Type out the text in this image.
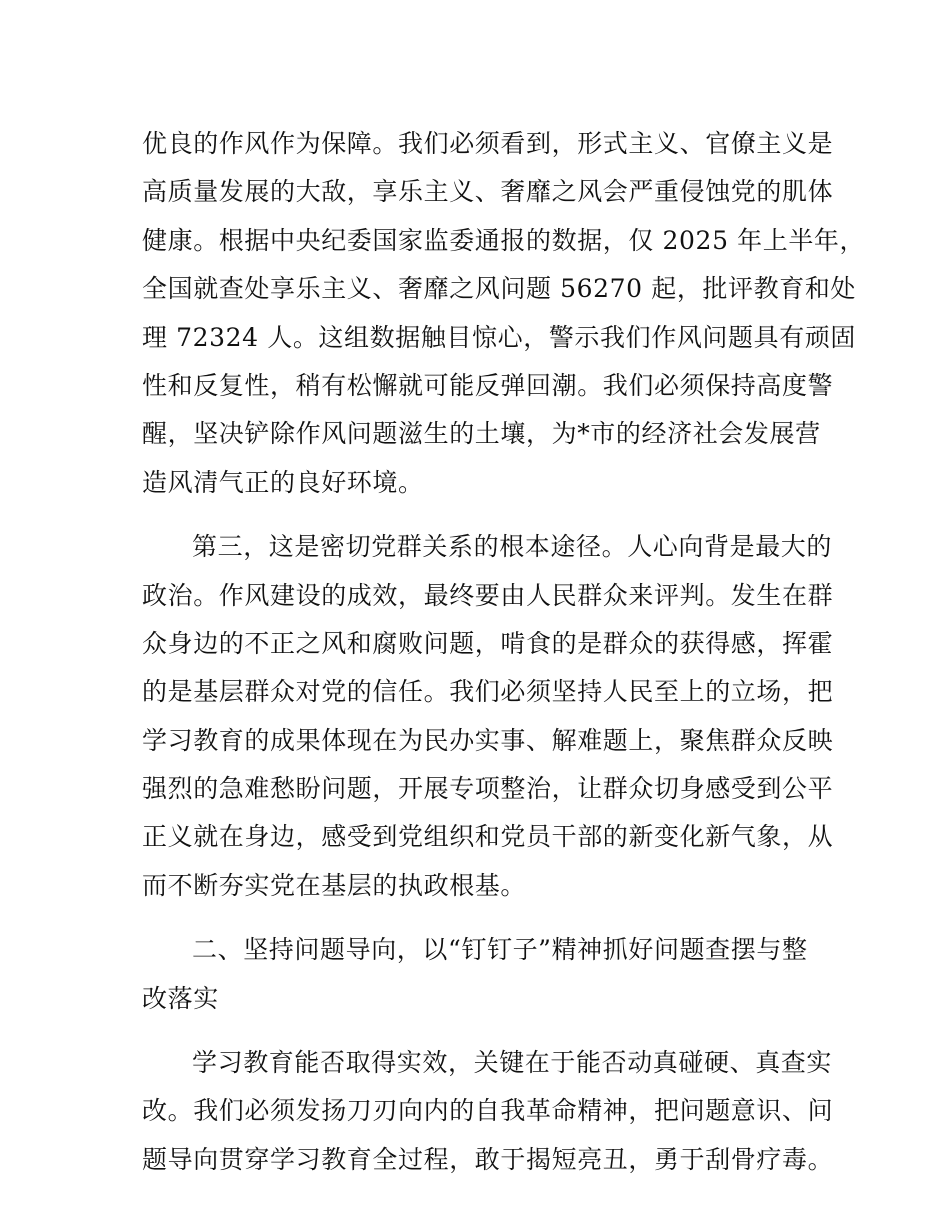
优良的作风作为保障。我们必须看到，形式主义、官僚主义是
高质量发展的大敌，享乐主义、奢靡之风会严重侵蚀党的肌体
健康。根据中央纪委国家监委通报的数据，仅 2025 年上半年，
全国就查处享乐主义、奢靡之风问题 56270 起，批评教育和处
理 72324 人。这组数据触目惊心，警示我们作风问题具有顽固
性和反复性，稍有松懈就可能反弹回潮。我们必须保持高度警
醒，坚决铲除作风问题滋生的土壤，为*市的经济社会发展营
造风清气正的良好环境。
第三，这是密切党群关系的根本途径。人心向背是最大的
政治。作风建设的成效，最终要由人民群众来评判。发生在群
众身边的不正之风和腐败问题，啃食的是群众的获得感，挥霍
的是基层群众对党的信任。我们必须坚持人民至上的立场，把
学习教育的成果体现在为民办实事、解难题上，聚焦群众反映
强烈的急难愁盼问题，开展专项整治，让群众切身感受到公平
正义就在身边，感受到党组织和党员干部的新变化新气象，从
而不断夯实党在基层的执政根基。
二、坚持问题导向，以“钉钉子”精神抓好问题查摆与整
改落实
学习教育能否取得实效，关键在于能否动真碰硬、真查实
改。我们必须发扬刀刃向内的自我革命精神，把问题意识、问
题导向贯穿学习教育全过程，敢于揭短亮丑，勇于刮骨疗毒。
